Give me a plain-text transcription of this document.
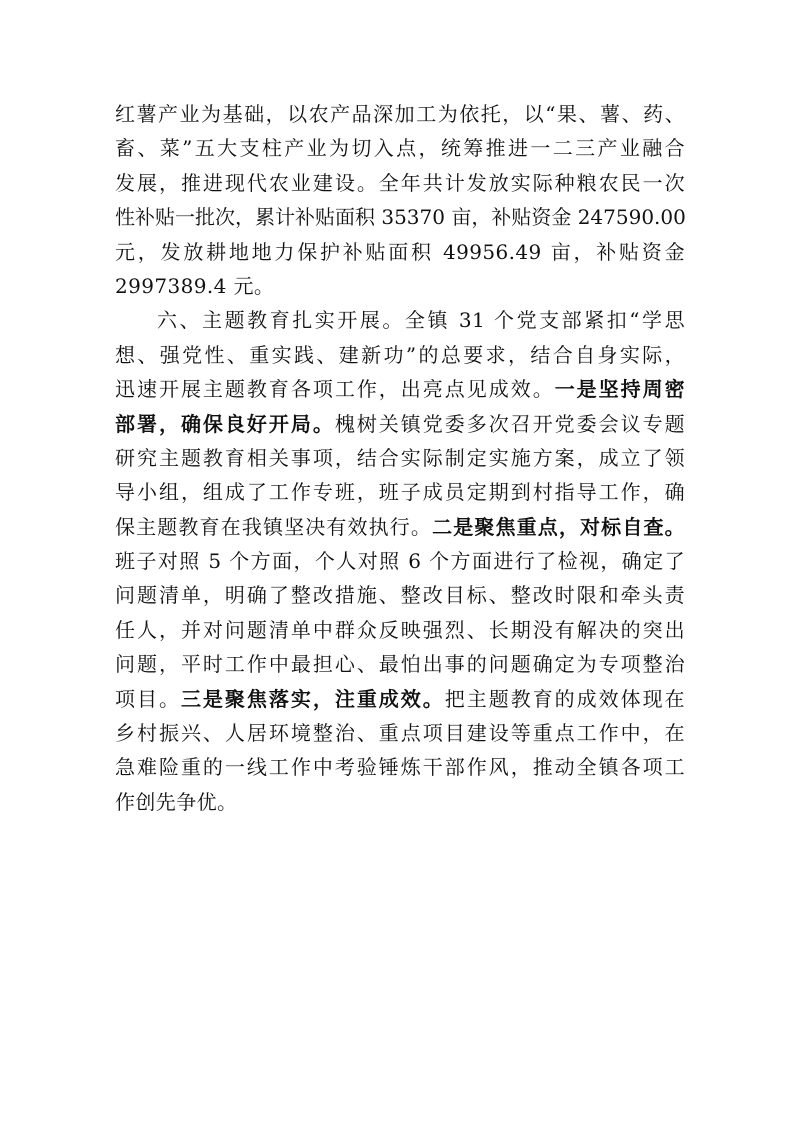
红薯产业为基础，以农产品深加工为依托，以“果、薯、药、
畜、菜”五大支柱产业为切入点，统筹推进一二三产业融合
发展，推进现代农业建设。全年共计发放实际种粮农民一次
性补贴一批次，累计补贴面积 35370 亩，补贴资金 247590.00
元，发放耕地地力保护补贴面积 49956.49 亩，补贴资金
2997389.4 元。
六、主题教育扎实开展。全镇 31 个党支部紧扣“学思
想、强党性、重实践、建新功”的总要求，结合自身实际，
迅速开展主题教育各项工作，出亮点见成效。一是坚持周密
部署，确保良好开局。槐树关镇党委多次召开党委会议专题
研究主题教育相关事项，结合实际制定实施方案，成立了领
导小组，组成了工作专班，班子成员定期到村指导工作，确
保主题教育在我镇坚决有效执行。二是聚焦重点，对标自查。
班子对照 5 个方面，个人对照 6 个方面进行了检视，确定了
问题清单，明确了整改措施、整改目标、整改时限和牵头责
任人，并对问题清单中群众反映强烈、长期没有解决的突出
问题，平时工作中最担心、最怕出事的问题确定为专项整治
项目。三是聚焦落实，注重成效。把主题教育的成效体现在
乡村振兴、人居环境整治、重点项目建设等重点工作中，在
急难险重的一线工作中考验锤炼干部作风，推动全镇各项工
作创先争优。
